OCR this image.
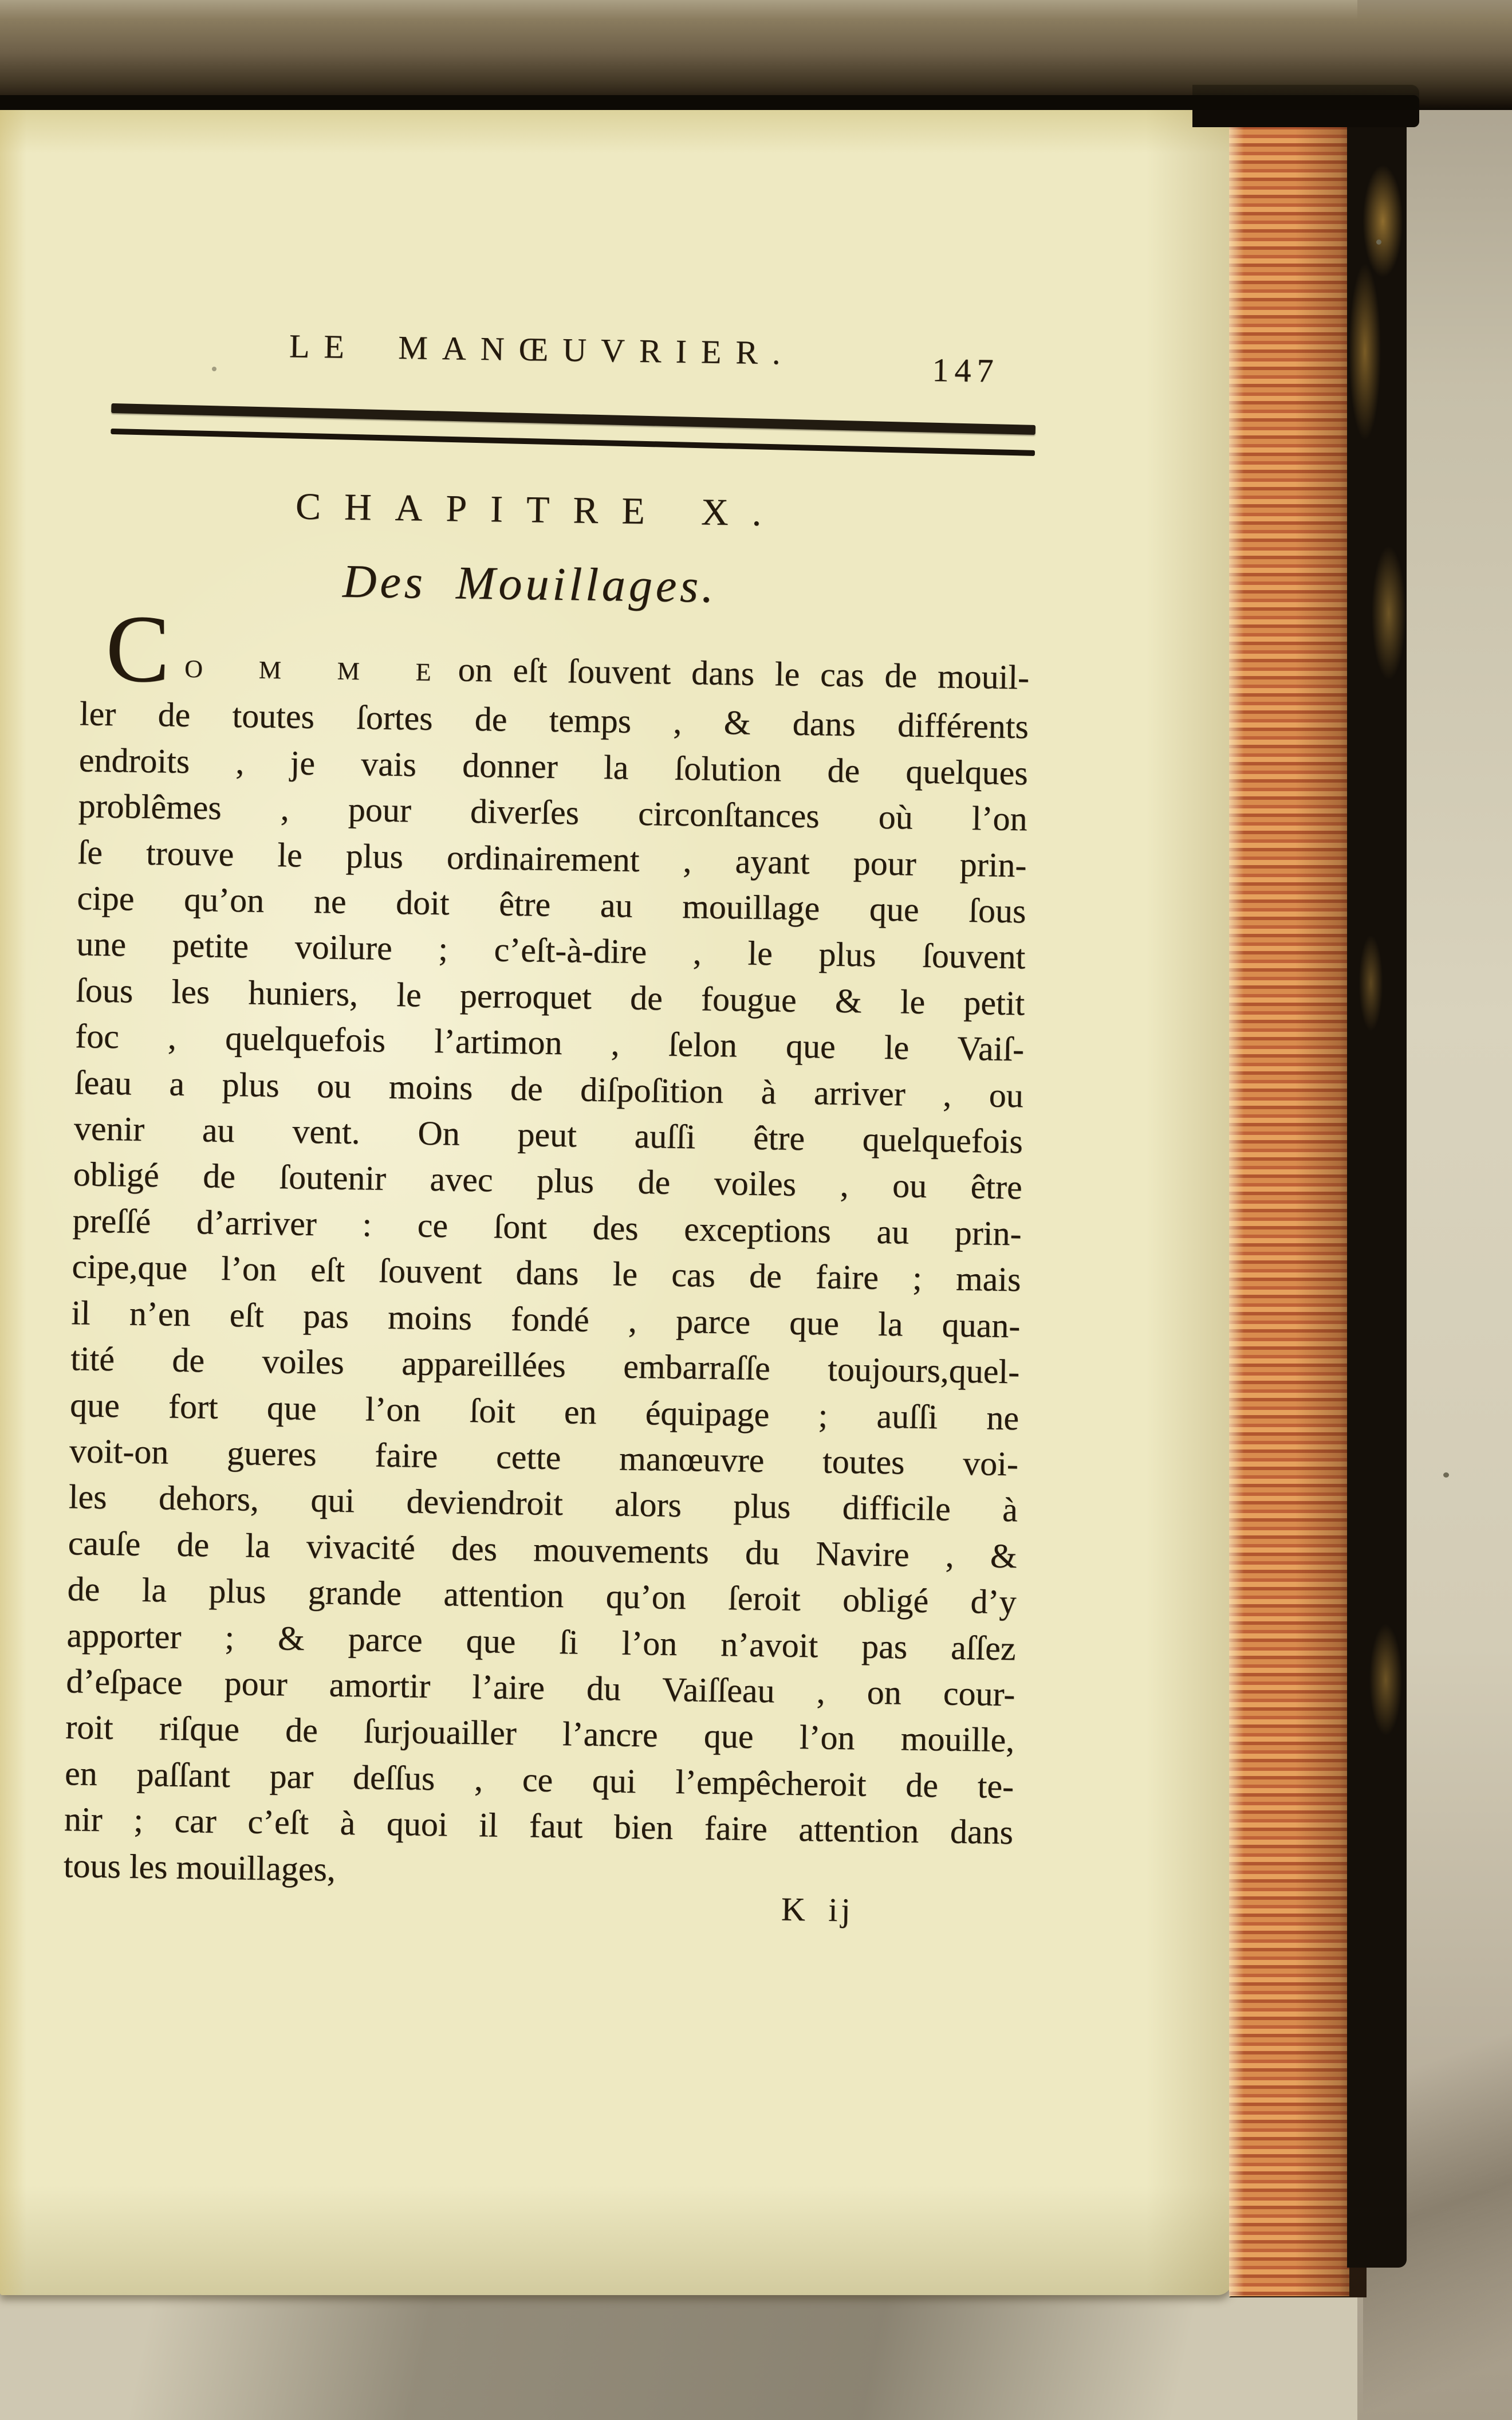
LE MANŒUVRIER.	147
CHAPITRE X.
Des Mouillages.
C O M M E on eſt ſouvent dans le cas de mouil-
ler de toutes ſortes de temps , & dans différents
endroits , je vais donner la ſolution de quelques
problêmes , pour diverſes circonſtances où l’on
ſe trouve le plus ordinairement , ayant pour prin-
cipe qu’on ne doit être au mouillage que ſous
une petite voilure ; c’eſt-à-dire , le plus ſouvent
ſous les huniers, le perroquet de fougue & le petit
foc , quelquefois l’artimon , ſelon que le Vaiſ-
ſeau a plus ou moins de diſpoſition à arriver , ou
venir au vent. On peut auſſi être quelquefois
obligé de ſoutenir avec plus de voiles , ou être
preſſé d’arriver : ce ſont des exceptions au prin-
cipe,que l’on eſt ſouvent dans le cas de faire ; mais
il n’en eſt pas moins fondé , parce que la quan-
tité de voiles appareillées embarraſſe toujours,quel-
que fort que l’on ſoit en équipage ; auſſi ne
voit-on gueres faire cette manœuvre toutes voi-
les dehors, qui deviendroit alors plus difficile à
cauſe de la vivacité des mouvements du Navire , &
de la plus grande attention qu’on ſeroit obligé d’y
apporter ; & parce que ſi l’on n’avoit pas aſſez
d’eſpace pour amortir l’aire du Vaiſſeau , on cour-
roit riſque de ſurjouailler l’ancre que l’on mouille,
en paſſant par deſſus , ce qui l’empêcheroit de te-
nir ; car c’eſt à quoi il faut bien faire attention dans
tous les mouillages,
K ij
